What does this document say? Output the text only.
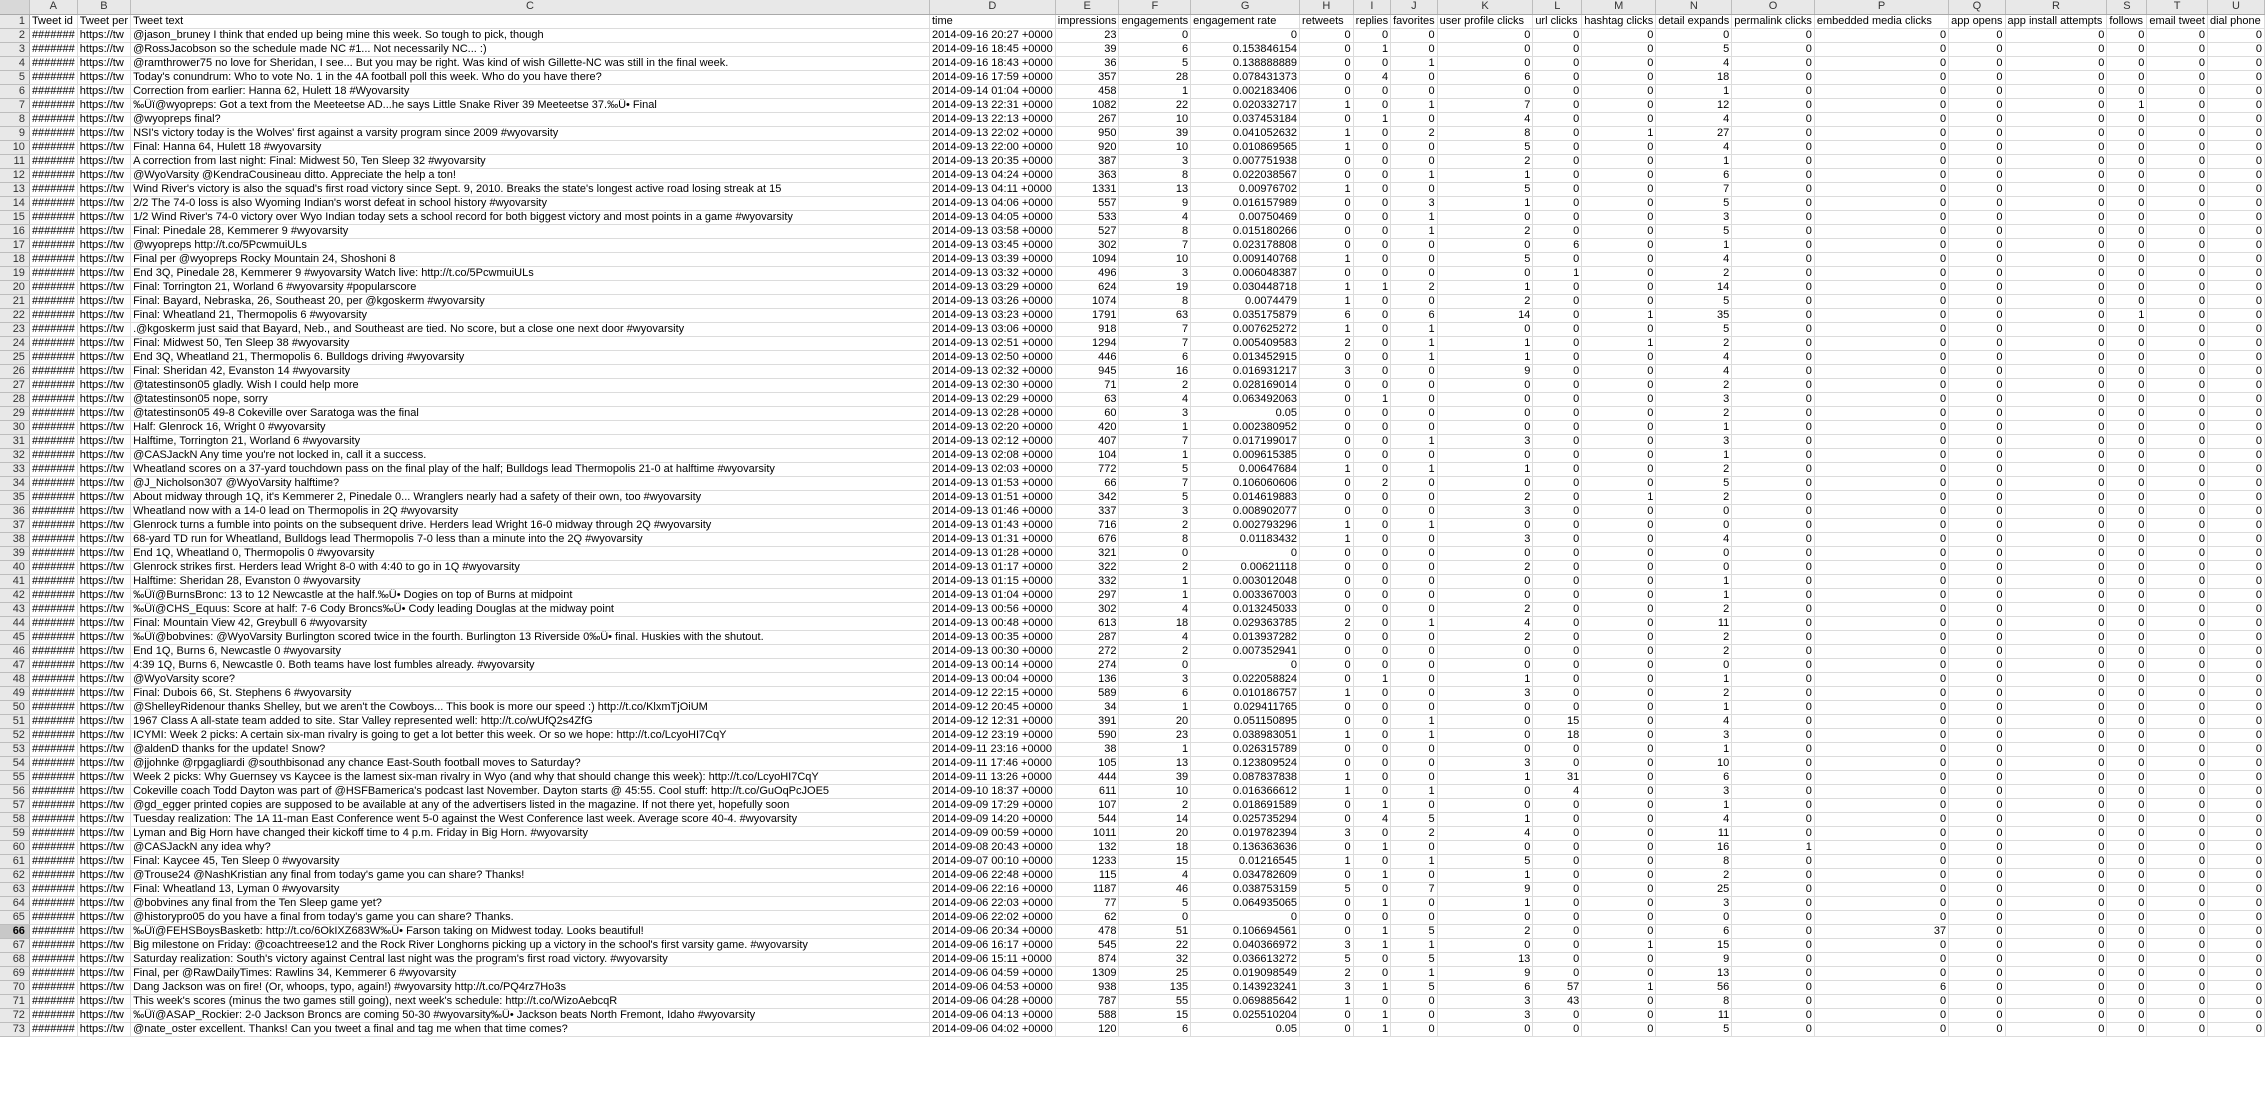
	A	B	C	D	E	F	G	H	I	J	K	L	M	N	O	P	Q	R	S	T	U
1	Tweet id	Tweet per	Tweet text	time	impressions	engagements	engagement rate	retweets	replies	favorites	user profile clicks	url clicks	hashtag clicks	detail expands	permalink clicks	embedded media clicks	app opens	app install attempts	follows	email tweet	dial phone
2	#######	https://tw	@jason_bruney I think that ended up being mine this week. So tough to pick, though	2014-09-16 20:27 +0000	23	0	0	0	0	0	0	0	0	0	0	0	0	0	0	0	0
3	#######	https://tw	@RossJacobson so the schedule made NC #1... Not necessarily NC... :)	2014-09-16 18:45 +0000	39	6	0.153846154	0	1	0	0	0	0	5	0	0	0	0	0	0	0
4	#######	https://tw	@ramthrower75 no love for Sheridan, I see... But you may be right. Was kind of wish Gillette-NC was still in the final week.	2014-09-16 18:43 +0000	36	5	0.138888889	0	0	1	0	0	0	4	0	0	0	0	0	0	0
5	#######	https://tw	Today's conundrum: Who to vote No. 1 in the 4A football poll this week. Who do you have there?	2014-09-16 17:59 +0000	357	28	0.078431373	0	4	0	6	0	0	18	0	0	0	0	0	0	0
6	#######	https://tw	Correction from earlier: Hanna 62, Hulett 18 #Wyovarsity	2014-09-14 01:04 +0000	458	1	0.002183406	0	0	0	0	0	0	1	0	0	0	0	0	0	0
7	#######	https://tw	‰Ûï@wyopreps: Got a text from the Meeteetse AD...he says Little Snake River 39 Meeteetse 37.‰Û• Final	2014-09-13 22:31 +0000	1082	22	0.020332717	1	0	1	7	0	0	12	0	0	0	0	1	0	0
8	#######	https://tw	@wyopreps final?	2014-09-13 22:13 +0000	267	10	0.037453184	0	1	0	4	0	0	4	0	0	0	0	0	0	0
9	#######	https://tw	NSI's victory today is the Wolves' first against a varsity program since 2009 #wyovarsity	2014-09-13 22:02 +0000	950	39	0.041052632	1	0	2	8	0	1	27	0	0	0	0	0	0	0
10	#######	https://tw	Final: Hanna 64, Hulett 18 #wyovarsity	2014-09-13 22:00 +0000	920	10	0.010869565	1	0	0	5	0	0	4	0	0	0	0	0	0	0
11	#######	https://tw	A correction from last night: Final: Midwest 50, Ten Sleep 32 #wyovarsity	2014-09-13 20:35 +0000	387	3	0.007751938	0	0	0	2	0	0	1	0	0	0	0	0	0	0
12	#######	https://tw	@WyoVarsity @KendraCousineau ditto. Appreciate the help a ton!	2014-09-13 04:24 +0000	363	8	0.022038567	0	0	1	1	0	0	6	0	0	0	0	0	0	0
13	#######	https://tw	Wind River's victory is also the squad's first road victory since Sept. 9, 2010. Breaks the state's longest active road losing streak at 15	2014-09-13 04:11 +0000	1331	13	0.00976702	1	0	0	5	0	0	7	0	0	0	0	0	0	0
14	#######	https://tw	2/2 The 74-0 loss is also Wyoming Indian's worst defeat in school history #wyovarsity	2014-09-13 04:06 +0000	557	9	0.016157989	0	0	3	1	0	0	5	0	0	0	0	0	0	0
15	#######	https://tw	1/2 Wind River's 74-0 victory over Wyo Indian today sets a school record for both biggest victory and most points in a game #wyovarsity	2014-09-13 04:05 +0000	533	4	0.00750469	0	0	1	0	0	0	3	0	0	0	0	0	0	0
16	#######	https://tw	Final: Pinedale 28, Kemmerer 9 #wyovarsity	2014-09-13 03:58 +0000	527	8	0.015180266	0	0	1	2	0	0	5	0	0	0	0	0	0	0
17	#######	https://tw	@wyopreps http://t.co/5PcwmuiULs	2014-09-13 03:45 +0000	302	7	0.023178808	0	0	0	0	6	0	1	0	0	0	0	0	0	0
18	#######	https://tw	Final per @wyopreps Rocky Mountain 24, Shoshoni 8	2014-09-13 03:39 +0000	1094	10	0.009140768	1	0	0	5	0	0	4	0	0	0	0	0	0	0
19	#######	https://tw	End 3Q, Pinedale 28, Kemmerer 9 #wyovarsity Watch live: http://t.co/5PcwmuiULs	2014-09-13 03:32 +0000	496	3	0.006048387	0	0	0	0	1	0	2	0	0	0	0	0	0	0
20	#######	https://tw	Final: Torrington 21, Worland 6 #wyovarsity #popularscore	2014-09-13 03:29 +0000	624	19	0.030448718	1	1	2	1	0	0	14	0	0	0	0	0	0	0
21	#######	https://tw	Final: Bayard, Nebraska, 26, Southeast 20, per @kgoskerm #wyovarsity	2014-09-13 03:26 +0000	1074	8	0.0074479	1	0	0	2	0	0	5	0	0	0	0	0	0	0
22	#######	https://tw	Final: Wheatland 21, Thermopolis 6 #wyovarsity	2014-09-13 03:23 +0000	1791	63	0.035175879	6	0	6	14	0	1	35	0	0	0	0	1	0	0
23	#######	https://tw	.@kgoskerm just said that Bayard, Neb., and Southeast are tied. No score, but a close one next door #wyovarsity	2014-09-13 03:06 +0000	918	7	0.007625272	1	0	1	0	0	0	5	0	0	0	0	0	0	0
24	#######	https://tw	Final: Midwest 50, Ten Sleep 38 #wyovarsity	2014-09-13 02:51 +0000	1294	7	0.005409583	2	0	1	1	0	1	2	0	0	0	0	0	0	0
25	#######	https://tw	End 3Q, Wheatland 21, Thermopolis 6. Bulldogs driving #wyovarsity	2014-09-13 02:50 +0000	446	6	0.013452915	0	0	1	1	0	0	4	0	0	0	0	0	0	0
26	#######	https://tw	Final: Sheridan 42, Evanston 14 #wyovarsity	2014-09-13 02:32 +0000	945	16	0.016931217	3	0	0	9	0	0	4	0	0	0	0	0	0	0
27	#######	https://tw	@tatestinson05 gladly. Wish I could help more	2014-09-13 02:30 +0000	71	2	0.028169014	0	0	0	0	0	0	2	0	0	0	0	0	0	0
28	#######	https://tw	@tatestinson05 nope, sorry	2014-09-13 02:29 +0000	63	4	0.063492063	0	1	0	0	0	0	3	0	0	0	0	0	0	0
29	#######	https://tw	@tatestinson05 49-8 Cokeville over Saratoga was the final	2014-09-13 02:28 +0000	60	3	0.05	0	0	0	0	0	0	2	0	0	0	0	0	0	0
30	#######	https://tw	Half: Glenrock 16, Wright 0 #wyovarsity	2014-09-13 02:20 +0000	420	1	0.002380952	0	0	0	0	0	0	1	0	0	0	0	0	0	0
31	#######	https://tw	Halftime, Torrington 21, Worland 6 #wyovarsity	2014-09-13 02:12 +0000	407	7	0.017199017	0	0	1	3	0	0	3	0	0	0	0	0	0	0
32	#######	https://tw	@CASJackN Any time you're not locked in, call it a success.	2014-09-13 02:08 +0000	104	1	0.009615385	0	0	0	0	0	0	1	0	0	0	0	0	0	0
33	#######	https://tw	Wheatland scores on a 37-yard touchdown pass on the final play of the half; Bulldogs lead Thermopolis 21-0 at halftime #wyovarsity	2014-09-13 02:03 +0000	772	5	0.00647684	1	0	1	1	0	0	2	0	0	0	0	0	0	0
34	#######	https://tw	@J_Nicholson307 @WyoVarsity halftime?	2014-09-13 01:53 +0000	66	7	0.106060606	0	2	0	0	0	0	5	0	0	0	0	0	0	0
35	#######	https://tw	About midway through 1Q, it's Kemmerer 2, Pinedale 0... Wranglers nearly had a safety of their own, too #wyovarsity	2014-09-13 01:51 +0000	342	5	0.014619883	0	0	0	2	0	1	2	0	0	0	0	0	0	0
36	#######	https://tw	Wheatland now with a 14-0 lead on Thermopolis in 2Q #wyovarsity	2014-09-13 01:46 +0000	337	3	0.008902077	0	0	0	3	0	0	0	0	0	0	0	0	0	0
37	#######	https://tw	Glenrock turns a fumble into points on the subsequent drive. Herders lead Wright 16-0 midway through 2Q #wyovarsity	2014-09-13 01:43 +0000	716	2	0.002793296	1	0	1	0	0	0	0	0	0	0	0	0	0	0
38	#######	https://tw	68-yard TD run for Wheatland, Bulldogs lead Thermopolis 7-0 less than a minute into the 2Q #wyovarsity	2014-09-13 01:31 +0000	676	8	0.01183432	1	0	0	3	0	0	4	0	0	0	0	0	0	0
39	#######	https://tw	End 1Q, Wheatland 0, Thermopolis 0 #wyovarsity	2014-09-13 01:28 +0000	321	0	0	0	0	0	0	0	0	0	0	0	0	0	0	0	0
40	#######	https://tw	Glenrock strikes first. Herders lead Wright 8-0 with 4:40 to go in 1Q #wyovarsity	2014-09-13 01:17 +0000	322	2	0.00621118	0	0	0	2	0	0	0	0	0	0	0	0	0	0
41	#######	https://tw	Halftime: Sheridan 28, Evanston 0 #wyovarsity	2014-09-13 01:15 +0000	332	1	0.003012048	0	0	0	0	0	0	1	0	0	0	0	0	0	0
42	#######	https://tw	‰Ûï@BurnsBronc: 13 to 12 Newcastle at the half.‰Û• Dogies on top of Burns at midpoint	2014-09-13 01:04 +0000	297	1	0.003367003	0	0	0	0	0	0	1	0	0	0	0	0	0	0
43	#######	https://tw	‰Ûï@CHS_Equus: Score at half: 7-6 Cody Broncs‰Û• Cody leading Douglas at the midway point	2014-09-13 00:56 +0000	302	4	0.013245033	0	0	0	2	0	0	2	0	0	0	0	0	0	0
44	#######	https://tw	Final: Mountain View 42, Greybull 6 #wyovarsity	2014-09-13 00:48 +0000	613	18	0.029363785	2	0	1	4	0	0	11	0	0	0	0	0	0	0
45	#######	https://tw	‰Ûï@bobvines: @WyoVarsity Burlington scored twice in the fourth. Burlington 13 Riverside 0‰Û• final. Huskies with the shutout.	2014-09-13 00:35 +0000	287	4	0.013937282	0	0	0	2	0	0	2	0	0	0	0	0	0	0
46	#######	https://tw	End 1Q, Burns 6, Newcastle 0 #wyovarsity	2014-09-13 00:30 +0000	272	2	0.007352941	0	0	0	0	0	0	2	0	0	0	0	0	0	0
47	#######	https://tw	4:39 1Q, Burns 6, Newcastle 0. Both teams have lost fumbles already. #wyovarsity	2014-09-13 00:14 +0000	274	0	0	0	0	0	0	0	0	0	0	0	0	0	0	0	0
48	#######	https://tw	@WyoVarsity score?	2014-09-13 00:04 +0000	136	3	0.022058824	0	1	0	1	0	0	1	0	0	0	0	0	0	0
49	#######	https://tw	Final: Dubois 66, St. Stephens 6 #wyovarsity	2014-09-12 22:15 +0000	589	6	0.010186757	1	0	0	3	0	0	2	0	0	0	0	0	0	0
50	#######	https://tw	@ShelleyRidenour thanks Shelley, but we aren't the Cowboys... This book is more our speed :) http://t.co/KlxmTjOiUM	2014-09-12 20:45 +0000	34	1	0.029411765	0	0	0	0	0	0	1	0	0	0	0	0	0	0
51	#######	https://tw	1967 Class A all-state team added to site. Star Valley represented well: http://t.co/wUfQ2s4ZfG	2014-09-12 12:31 +0000	391	20	0.051150895	0	0	1	0	15	0	4	0	0	0	0	0	0	0
52	#######	https://tw	ICYMI: Week 2 picks: A certain six-man rivalry is going to get a lot better this week. Or so we hope: http://t.co/LcyoHI7CqY	2014-09-12 23:19 +0000	590	23	0.038983051	1	0	1	0	18	0	3	0	0	0	0	0	0	0
53	#######	https://tw	@aldenD thanks for the update! Snow?	2014-09-11 23:16 +0000	38	1	0.026315789	0	0	0	0	0	0	1	0	0	0	0	0	0	0
54	#######	https://tw	@jjohnke @rpgagliardi @southbisonad any chance East-South football moves to Saturday?	2014-09-11 17:46 +0000	105	13	0.123809524	0	0	0	3	0	0	10	0	0	0	0	0	0	0
55	#######	https://tw	Week 2 picks: Why Guernsey vs Kaycee is the lamest six-man rivalry in Wyo (and why that should change this week): http://t.co/LcyoHI7CqY	2014-09-11 13:26 +0000	444	39	0.087837838	1	0	0	1	31	0	6	0	0	0	0	0	0	0
56	#######	https://tw	Cokeville coach Todd Dayton was part of @HSFBamerica's podcast last November. Dayton starts @ 45:55. Cool stuff: http://t.co/GuOqPcJOE5	2014-09-10 18:37 +0000	611	10	0.016366612	1	0	1	0	4	0	3	0	0	0	0	0	0	0
57	#######	https://tw	@gd_egger printed copies are supposed to be available at any of the advertisers listed in the magazine. If not there yet, hopefully soon	2014-09-09 17:29 +0000	107	2	0.018691589	0	1	0	0	0	0	1	0	0	0	0	0	0	0
58	#######	https://tw	Tuesday realization: The 1A 11-man East Conference went 5-0 against the West Conference last week. Average score 40-4. #wyovarsity	2014-09-09 14:20 +0000	544	14	0.025735294	0	4	5	1	0	0	4	0	0	0	0	0	0	0
59	#######	https://tw	Lyman and Big Horn have changed their kickoff time to 4 p.m. Friday in Big Horn. #wyovarsity	2014-09-09 00:59 +0000	1011	20	0.019782394	3	0	2	4	0	0	11	0	0	0	0	0	0	0
60	#######	https://tw	@CASJackN any idea why?	2014-09-08 20:43 +0000	132	18	0.136363636	0	1	0	0	0	0	16	1	0	0	0	0	0	0
61	#######	https://tw	Final: Kaycee 45, Ten Sleep 0 #wyovarsity	2014-09-07 00:10 +0000	1233	15	0.01216545	1	0	1	5	0	0	8	0	0	0	0	0	0	0
62	#######	https://tw	@Trouse24 @NashKristian any final from today's game you can share? Thanks!	2014-09-06 22:48 +0000	115	4	0.034782609	0	1	0	1	0	0	2	0	0	0	0	0	0	0
63	#######	https://tw	Final: Wheatland 13, Lyman 0 #wyovarsity	2014-09-06 22:16 +0000	1187	46	0.038753159	5	0	7	9	0	0	25	0	0	0	0	0	0	0
64	#######	https://tw	@bobvines any final from the Ten Sleep game yet?	2014-09-06 22:03 +0000	77	5	0.064935065	0	1	0	1	0	0	3	0	0	0	0	0	0	0
65	#######	https://tw	@historypro05 do you have a final from today's game you can share? Thanks.	2014-09-06 22:02 +0000	62	0	0	0	0	0	0	0	0	0	0	0	0	0	0	0	0
66	#######	https://tw	‰Ûï@FEHSBoysBasketb: http://t.co/6OkIXZ683W‰Û• Farson taking on Midwest today. Looks beautiful!	2014-09-06 20:34 +0000	478	51	0.106694561	0	1	5	2	0	0	6	0	37	0	0	0	0	0
67	#######	https://tw	Big milestone on Friday: @coachtreese12 and the Rock River Longhorns picking up a victory in the school's first varsity game. #wyovarsity	2014-09-06 16:17 +0000	545	22	0.040366972	3	1	1	0	0	1	15	0	0	0	0	0	0	0
68	#######	https://tw	Saturday realization: South's victory against Central last night was the program's first road victory. #wyovarsity	2014-09-06 15:11 +0000	874	32	0.036613272	5	0	5	13	0	0	9	0	0	0	0	0	0	0
69	#######	https://tw	Final, per @RawDailyTimes: Rawlins 34, Kemmerer 6 #wyovarsity	2014-09-06 04:59 +0000	1309	25	0.019098549	2	0	1	9	0	0	13	0	0	0	0	0	0	0
70	#######	https://tw	Dang Jackson was on fire! (Or, whoops, typo, again!) #wyovarsity http://t.co/PQ4rz7Ho3s	2014-09-06 04:53 +0000	938	135	0.143923241	3	1	5	6	57	1	56	0	6	0	0	0	0	0
71	#######	https://tw	This week's scores (minus the two games still going), next week's schedule: http://t.co/WizoAebcqR	2014-09-06 04:28 +0000	787	55	0.069885642	1	0	0	3	43	0	8	0	0	0	0	0	0	0
72	#######	https://tw	‰Ûï@ASAP_Rockier: 2-0 Jackson Broncs are coming 50-30 #wyovarsity‰Û• Jackson beats North Fremont, Idaho #wyovarsity	2014-09-06 04:13 +0000	588	15	0.025510204	0	1	0	3	0	0	11	0	0	0	0	0	0	0
73	#######	https://tw	@nate_oster excellent. Thanks! Can you tweet a final and tag me when that time comes?	2014-09-06 04:02 +0000	120	6	0.05	0	1	0	0	0	0	5	0	0	0	0	0	0	0
